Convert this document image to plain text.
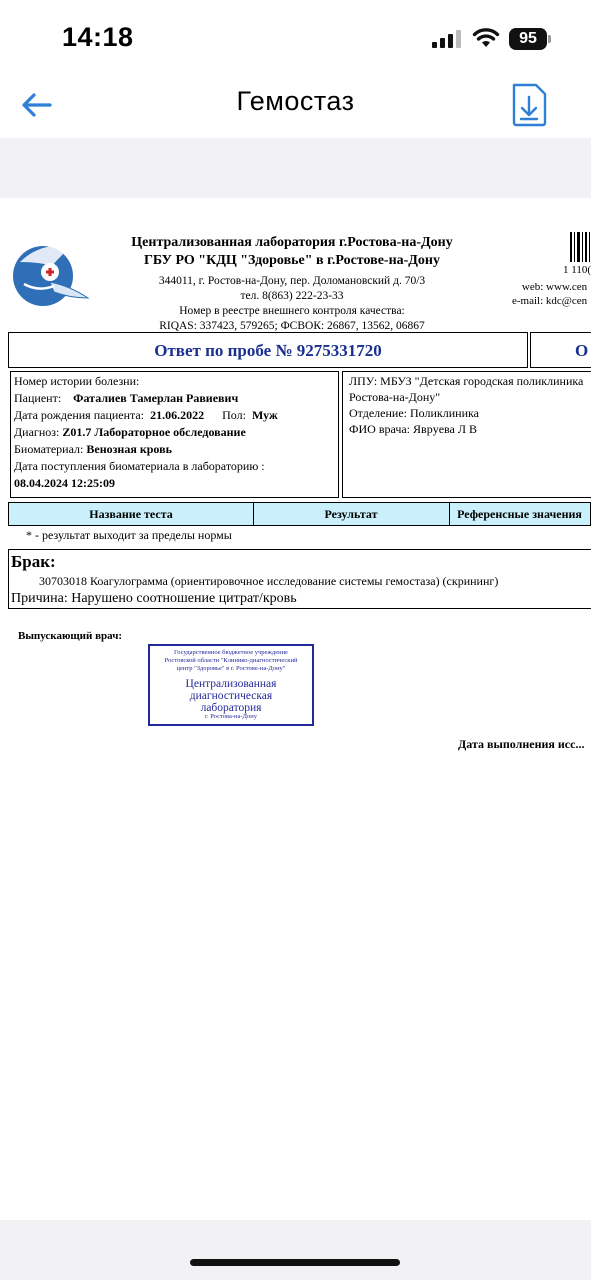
14:18	95
Гемостаз
Централизованная лаборатория г.Ростова-на-Дону
ГБУ РО "КДЦ "Здоровье" в г.Ростове-на-Дону
344011, г. Ростов-на-Дону, пер. Доломановский д. 70/3
тел. 8(863) 222-23-33
Номер в реестре внешнего контроля качества:
RIQAS: 337423, 579265; ФСВОК: 26867, 13562, 06867
1 110(
web: www.cen
e-mail: kdc@cen
Ответ по пробе № 9275331720	О
Номер истории болезни:
Пациент: Фаталиев Тамерлан Равиевич
Дата рождения пациента: 21.06.2022 Пол: Муж
Диагноз: Z01.7 Лабораторное обследование
Биоматериал: Венозная кровь
Дата поступления биоматериала в лабораторию :
08.04.2024 12:25:09
ЛПУ: МБУЗ "Детская городская поликлиника
Ростова-на-Дону"
Отделение: Поликлиника
ФИО врача: Яврyева Л В
Название теста	Результат	Референсные значения
* - результат выходит за пределы нормы
Брак:
30703018 Коагулограмма (ориентировочное исследование системы гемостаза) (скрининг)
Причина: Нарушено соотношение цитрат/кровь
Выпускающий врач:
Государственное бюджетное учреждение
Ростовской области "Клинико-диагностический
центр "Здоровье" в г. Ростове-на-Дону"
Централизованная
диагностическая
лаборатория
г. Ростова-на-Дону
Дата выполнения исс...
